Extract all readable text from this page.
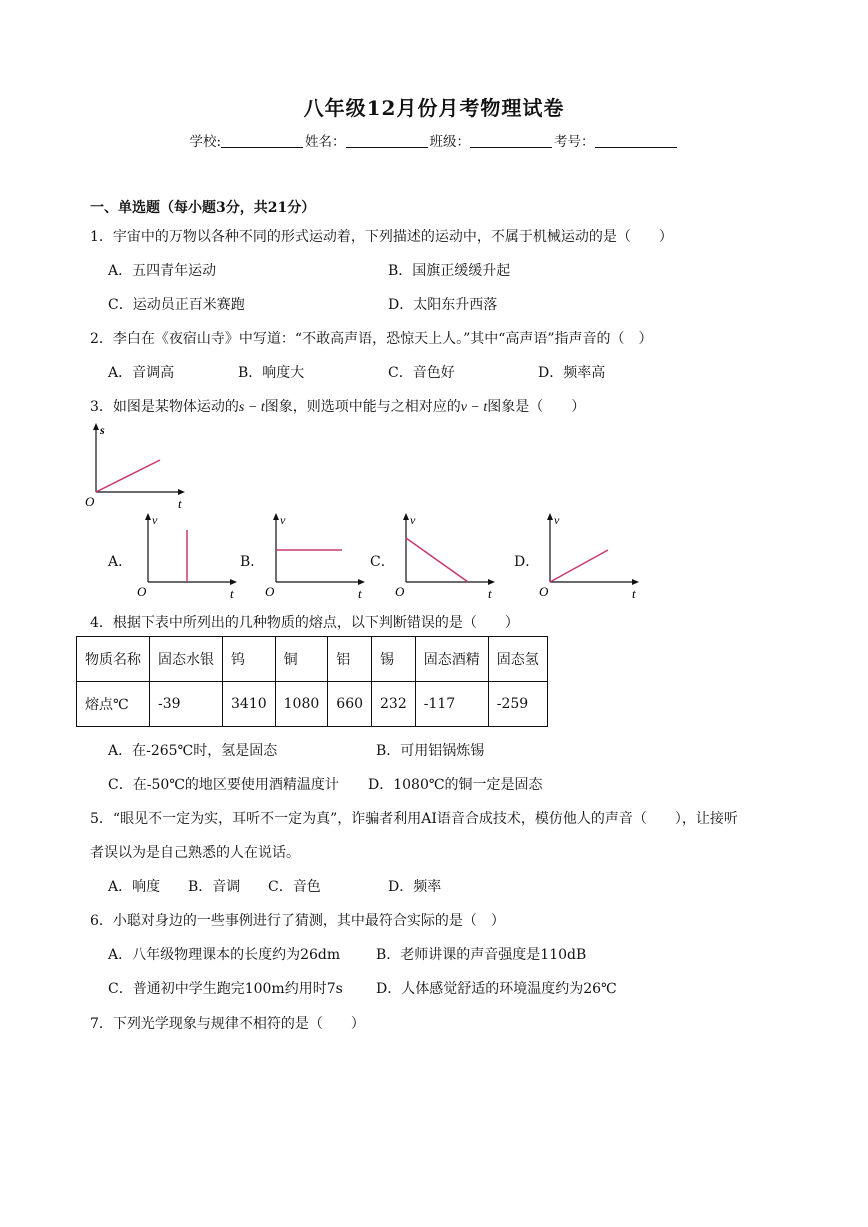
八年级12月份月考物理试卷
学校:	姓名：	班级：	考号：
一、单选题（每小题3分，共21分）
1．宇宙中的万物以各种不同的形式运动着，下列描述的运动中，不属于机械运动的是（　　）
A．五四青年运动	B．国旗正缓缓升起
C．运动员正百米赛跑	D．太阳东升西落
2．李白在《夜宿山寺》中写道：“不敢高声语，恐惊天上人。”其中“高声语”指声音的（　）
A．音调高	B．响度大	C．音色好	D．频率高
3．如图是某物体运动的s − t图象，则选项中能与之相对应的v − t图象是（　　）
s
O	t
A．
v
O	t
B．
v
O	t
C．
v
O	t
D．
v
O	t
4．根据下表中所列出的几种物质的熔点，以下判断错误的是（　　）
物质名称	固态水银	钨	铜	铝	锡	固态酒精	固态氢
熔点℃	-39	3410	1080	660	232	-117	-259
A．在-265℃时，氢是固态	B．可用铝锅炼锡
C．在-50℃的地区要使用酒精温度计 D．1080℃的铜一定是固态
5．“眼见不一定为实，耳听不一定为真”，诈骗者利用AI语音合成技术，模仿他人的声音（　　），让接听
者误以为是自己熟悉的人在说话。
A．响度 B．音调 C．音色	D．频率
6．小聪对身边的一些事例进行了猜测，其中最符合实际的是（　）
A．八年级物理课本的长度约为26dm	B．老师讲课的声音强度是110dB
C．普通初中学生跑完100m约用时7s D．人体感觉舒适的环境温度约为26℃
7．下列光学现象与规律不相符的是（　　）
